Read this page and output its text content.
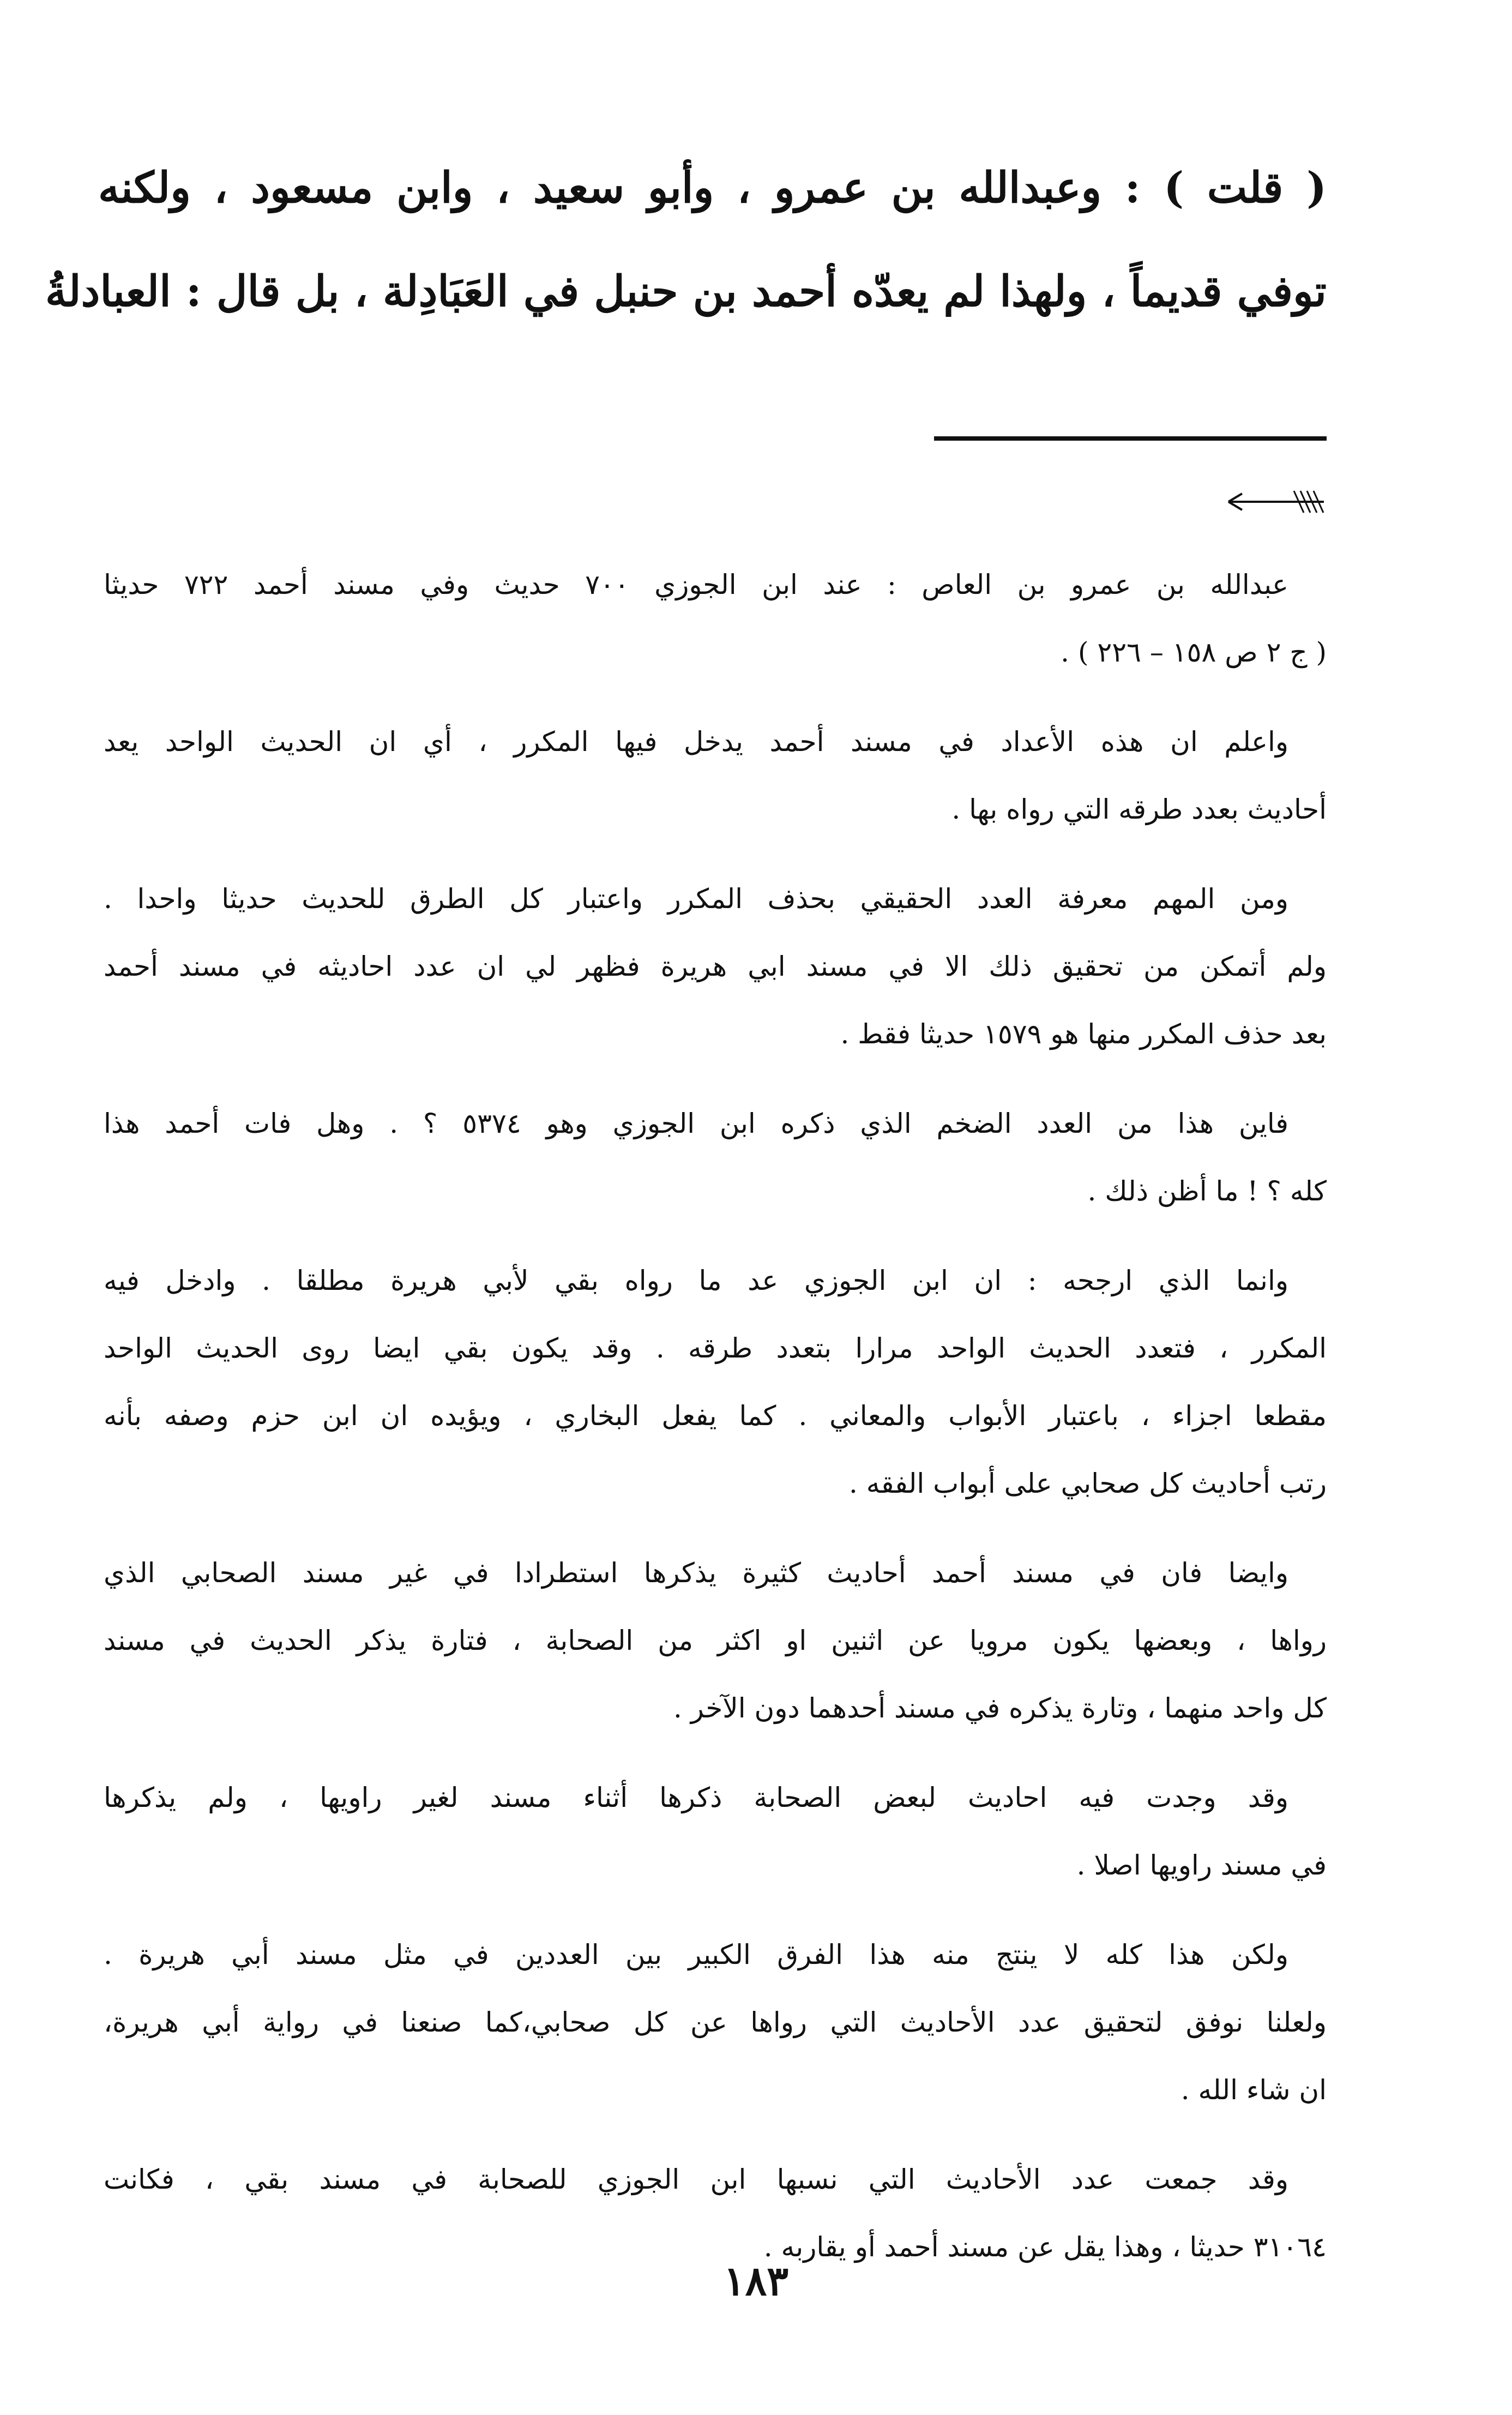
( قلت ) : وعبدالله بن عمرو ، وأبو سعيد ، وابن مسعود ، ولكنه
توفي قديماً ، ولهذا لم يعدّه أحمد بن حنبل في العَبَادِلة ، بل قال : العبادلةُ
عبدالله بن عمرو بن العاص : عند ابن الجوزي ٧٠٠ حديث وفي مسند أحمد ٧٢٢ حديثا
( ج ٢ ص ١٥٨ – ٢٢٦ ) .
واعلم ان هذه الأعداد في مسند أحمد يدخل فيها المكرر ، أي ان الحديث الواحد يعد
أحاديث بعدد طرقه التي رواه بها .
ومن المهم معرفة العدد الحقيقي بحذف المكرر واعتبار كل الطرق للحديث حديثا واحدا .
ولم أتمكن من تحقيق ذلك الا في مسند ابي هريرة فظهر لي ان عدد احاديثه في مسند أحمد
بعد حذف المكرر منها هو ١٥٧٩ حديثا فقط .
فاين هذا من العدد الضخم الذي ذكره ابن الجوزي وهو ٥٣٧٤ ؟ . وهل فات أحمد هذا
كله ؟ ! ما أظن ذلك .
وانما الذي ارجحه : ان ابن الجوزي عد ما رواه بقي لأبي هريرة مطلقا . وادخل فيه
المكرر ، فتعدد الحديث الواحد مرارا بتعدد طرقه . وقد يكون بقي ايضا روى الحديث الواحد
مقطعا اجزاء ، باعتبار الأبواب والمعاني . كما يفعل البخاري ، ويؤيده ان ابن حزم وصفه بأنه
رتب أحاديث كل صحابي على أبواب الفقه .
وايضا فان في مسند أحمد أحاديث كثيرة يذكرها استطرادا في غير مسند الصحابي الذي
رواها ، وبعضها يكون مرويا عن اثنين او اكثر من الصحابة ، فتارة يذكر الحديث في مسند
كل واحد منهما ، وتارة يذكره في مسند أحدهما دون الآخر .
وقد وجدت فيه احاديث لبعض الصحابة ذكرها أثناء مسند لغير راويها ، ولم يذكرها
في مسند راويها اصلا .
ولكن هذا كله لا ينتج منه هذا الفرق الكبير بين العددين في مثل مسند أبي هريرة .
ولعلنا نوفق لتحقيق عدد الأحاديث التي رواها عن كل صحابي،كما صنعنا في رواية أبي هريرة،
ان شاء الله .
وقد جمعت عدد الأحاديث التي نسبها ابن الجوزي للصحابة في مسند بقي ، فكانت
٣١٠٦٤ حديثا ، وهذا يقل عن مسند أحمد أو يقاربه .
١٨٣
